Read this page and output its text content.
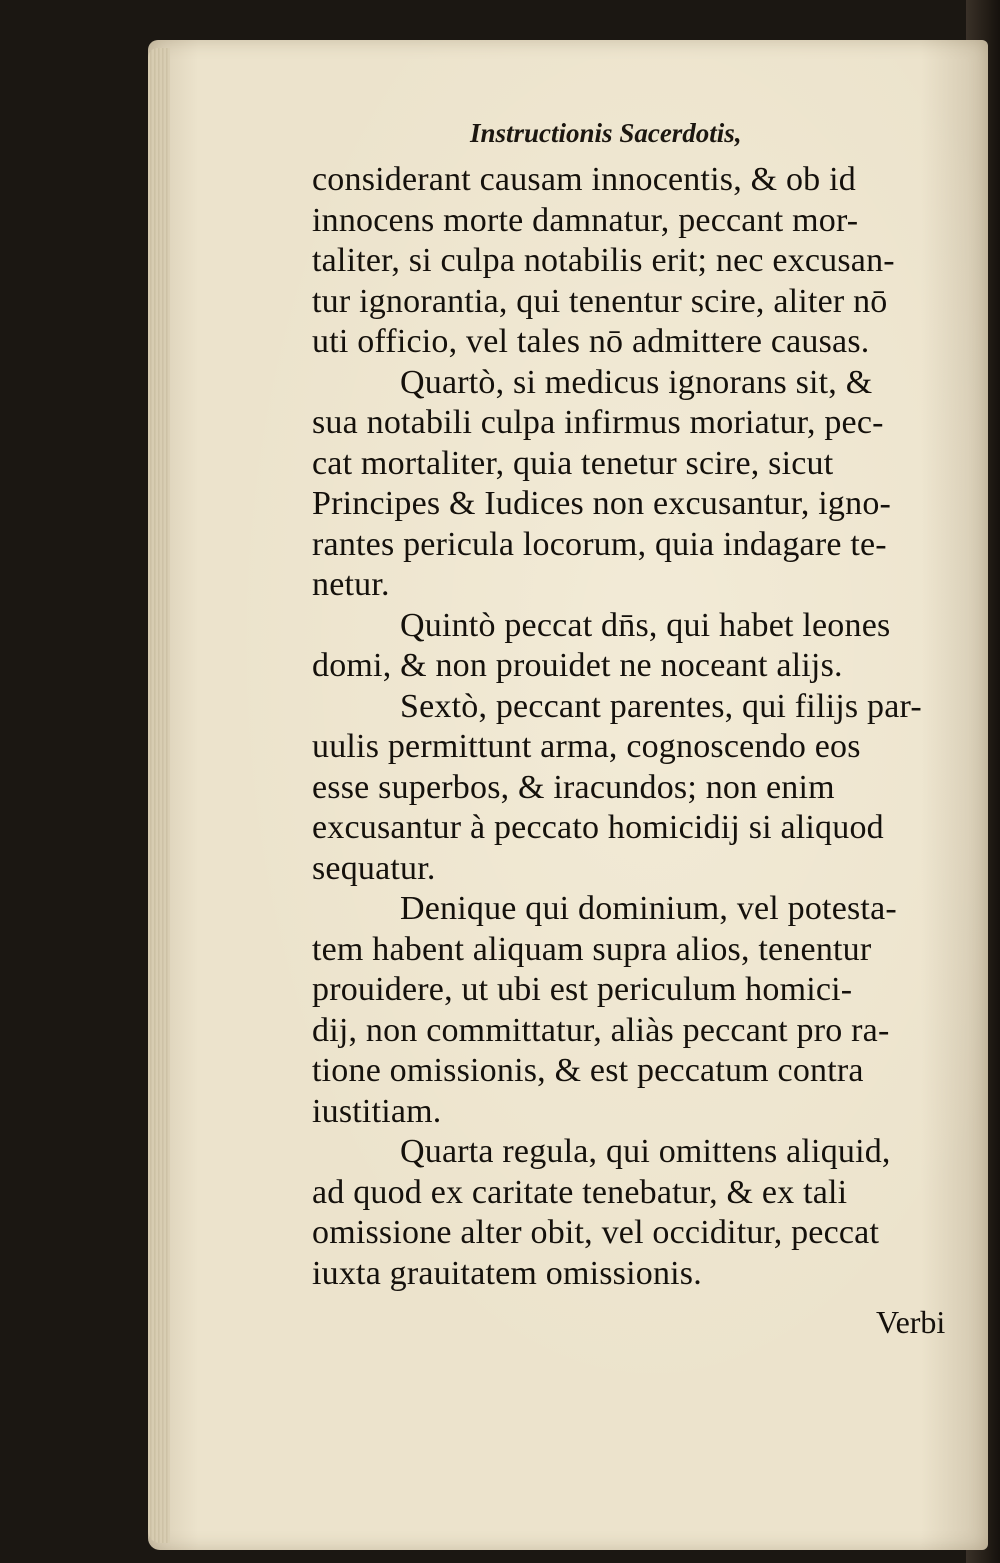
Instructionis Sacerdotis,
considerant causam innocentis, & ob id
innocens morte damnatur, peccant mor-
taliter, si culpa notabilis erit; nec excusan-
tur ignorantia, qui tenentur scire, aliter nō
uti officio, vel tales nō admittere causas.
Quartò, si medicus ignorans sit, &
sua notabili culpa infirmus moriatur, pec-
cat mortaliter, quia tenetur scire, sicut
Principes & Iudices non excusantur, igno-
rantes pericula locorum, quia indagare te-
netur.
Quintò peccat dn̄s, qui habet leones
domi, & non prouidet ne noceant alijs.
Sextò, peccant parentes, qui filijs par-
uulis permittunt arma, cognoscendo eos
esse superbos, & iracundos; non enim
excusantur à peccato homicidij si aliquod
sequatur.
Denique qui dominium, vel potesta-
tem habent aliquam supra alios, tenentur
prouidere, ut ubi est periculum homici-
dij, non committatur, aliàs peccant pro ra-
tione omissionis, & est peccatum contra
iustitiam.
Quarta regula, qui omittens aliquid,
ad quod ex caritate tenebatur, & ex tali
omissione alter obit, vel occiditur, peccat
iuxta grauitatem omissionis.
Verbi
